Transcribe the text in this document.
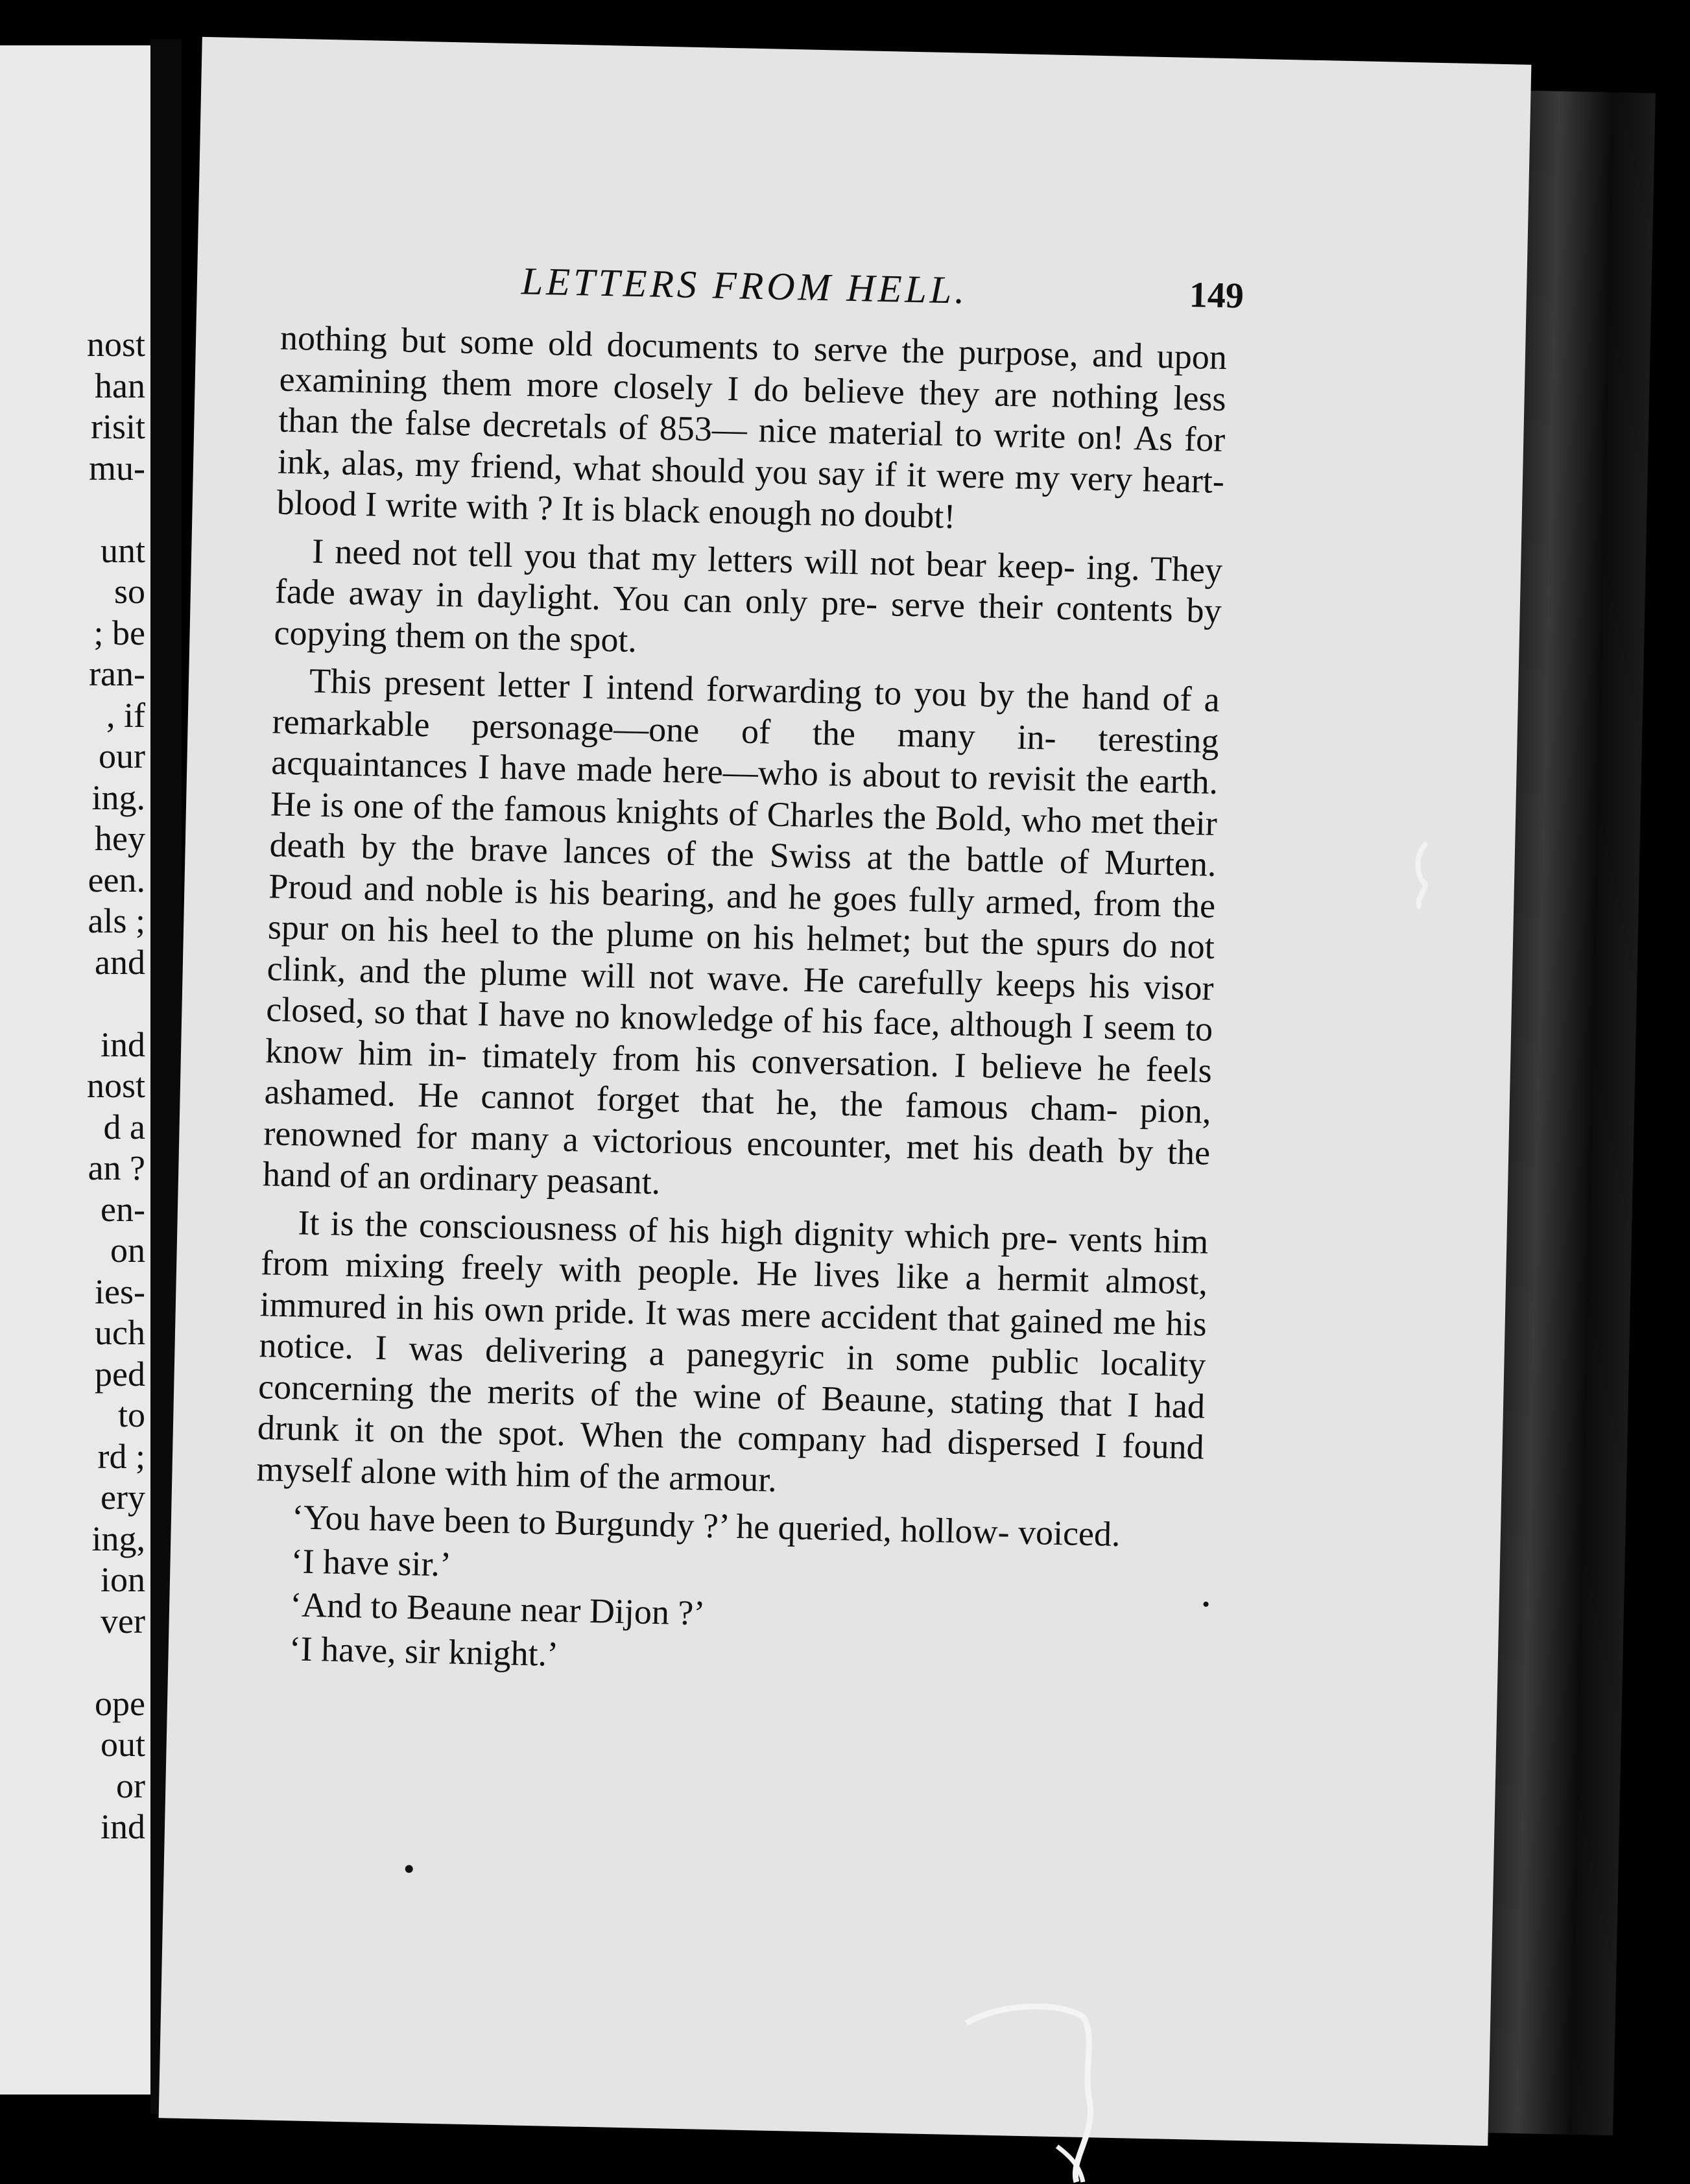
nost
han
risit
mu-
unt
so
; be
ran-
, if
our
ing.
hey
een.
als ;
and
ind
nost
d a
an ?
en-
on
ies-
uch
ped
to
rd ;
ery
ing,
ion
ver
ope
out
or
ind
LETTERS FROM HELL.	149

nothing but some old documents to serve the purpose, and upon examining them more closely I do believe they are nothing less than the false decretals of 853— nice material to write on! As for ink, alas, my friend, what should you say if it were my very heart-blood I write with ? It is black enough no doubt!

I need not tell you that my letters will not bear keep- ing. They fade away in daylight. You can only pre- serve their contents by copying them on the spot.

This present letter I intend forwarding to you by the hand of a remarkable personage—one of the many in- teresting acquaintances I have made here—who is about to revisit the earth. He is one of the famous knights of Charles the Bold, who met their death by the brave lances of the Swiss at the battle of Murten. Proud and noble is his bearing, and he goes fully armed, from the spur on his heel to the plume on his helmet; but the spurs do not clink, and the plume will not wave. He carefully keeps his visor closed, so that I have no knowledge of his face, although I seem to know him in- timately from his conversation. I believe he feels ashamed. He cannot forget that he, the famous cham- pion, renowned for many a victorious encounter, met his death by the hand of an ordinary peasant.

It is the consciousness of his high dignity which pre- vents him from mixing freely with people. He lives like a hermit almost, immured in his own pride. It was mere accident that gained me his notice. I was delivering a panegyric in some public locality concerning the merits of the wine of Beaune, stating that I had drunk it on the spot. When the company had dispersed I found myself alone with him of the armour.

‘You have been to Burgundy ?’ he queried, hollow- voiced.

‘I have sir.’

‘And to Beaune near Dijon ?’

‘I have, sir knight.’
